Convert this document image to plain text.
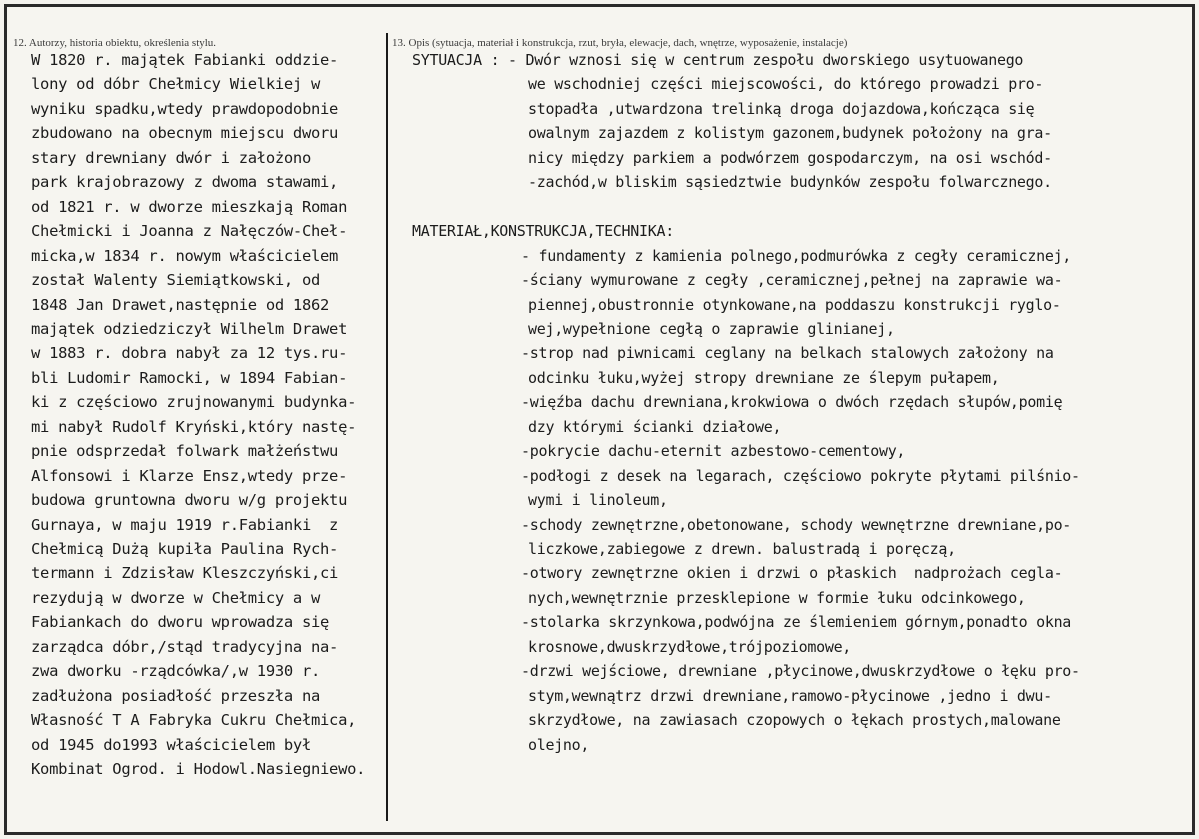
12. Autorzy, historia obiektu, określenia stylu.	13. Opis (sytuacja, materiał i konstrukcja, rzut, bryła, elewacje, dach, wnętrze, wyposażenie, instalacje)
W 1820 r. majątek Fabianki oddzie-
lony od dóbr Chełmicy Wielkiej w
wyniku spadku,wtedy prawdopodobnie
zbudowano na obecnym miejscu dworu
stary drewniany dwór i założono
park krajobrazowy z dwoma stawami,
od 1821 r. w dworze mieszkają Roman
Chełmicki i Joanna z Nałęczów-Cheł-
micka,w 1834 r. nowym właścicielem
został Walenty Siemiątkowski, od
1848 Jan Drawet,następnie od 1862
majątek odziedziczył Wilhelm Drawet
w 1883 r. dobra nabył za 12 tys.ru-
bli Ludomir Ramocki, w 1894 Fabian-
ki z częściowo zrujnowanymi budynka-
mi nabył Rudolf Kryński,który nastę-
pnie odsprzedał folwark małżeństwu
Alfonsowi i Klarze Ensz,wtedy prze-
budowa gruntowna dworu w/g projektu
Gurnaya, w maju 1919 r.Fabianki  z
Chełmicą Dużą kupiła Paulina Rych-
termann i Zdzisław Kleszczyński,ci
rezydują w dworze w Chełmicy a w
Fabiankach do dworu wprowadza się
zarządca dóbr,/stąd tradycyjna na-
zwa dworku -rządcówka/,w 1930 r.
zadłużona posiadłość przeszła na
Własność T A Fabryka Cukru Chełmica,
od 1945 do1993 właścicielem był
Kombinat Ogrod. i Hodowl.Nasiegniewo.
SYTUACJA : - Dwór wznosi się w centrum zespołu dworskiego usytuowanego
we wschodniej części miejscowości, do którego prowadzi pro-
stopadła ,utwardzona trelinką droga dojazdowa,kończąca się
owalnym zajazdem z kolistym gazonem,budynek położony na gra-
nicy między parkiem a podwórzem gospodarczym, na osi wschód-
-zachód,w bliskim sąsiedztwie budynków zespołu folwarcznego.
MATERIAŁ,KONSTRUKCJA,TECHNIKA:
- fundamenty z kamienia polnego,podmurówka z cegły ceramicznej,
-ściany wymurowane z cegły ,ceramicznej,pełnej na zaprawie wa-
piennej,obustronnie otynkowane,na poddaszu konstrukcji ryglo-
wej,wypełnione cegłą o zaprawie glinianej,
-strop nad piwnicami ceglany na belkach stalowych założony na
odcinku łuku,wyżej stropy drewniane ze ślepym pułapem,
-więźba dachu drewniana,krokwiowa o dwóch rzędach słupów,pomię
dzy którymi ścianki działowe,
-pokrycie dachu-eternit azbestowo-cementowy,
-podłogi z desek na legarach, częściowo pokryte płytami pilśnio-
wymi i linoleum,
-schody zewnętrzne,obetonowane, schody wewnętrzne drewniane,po-
liczkowe,zabiegowe z drewn. balustradą i poręczą,
-otwory zewnętrzne okien i drzwi o płaskich  nadprożach cegla-
nych,wewnętrznie przesklepione w formie łuku odcinkowego,
-stolarka skrzynkowa,podwójna ze ślemieniem górnym,ponadto okna
krosnowe,dwuskrzydłowe,trójpoziomowe,
-drzwi wejściowe, drewniane ,płycinowe,dwuskrzydłowe o łęku pro-
stym,wewnątrz drzwi drewniane,ramowo-płycinowe ,jedno i dwu-
skrzydłowe, na zawiasach czopowych o łękach prostych,malowane
olejno,
